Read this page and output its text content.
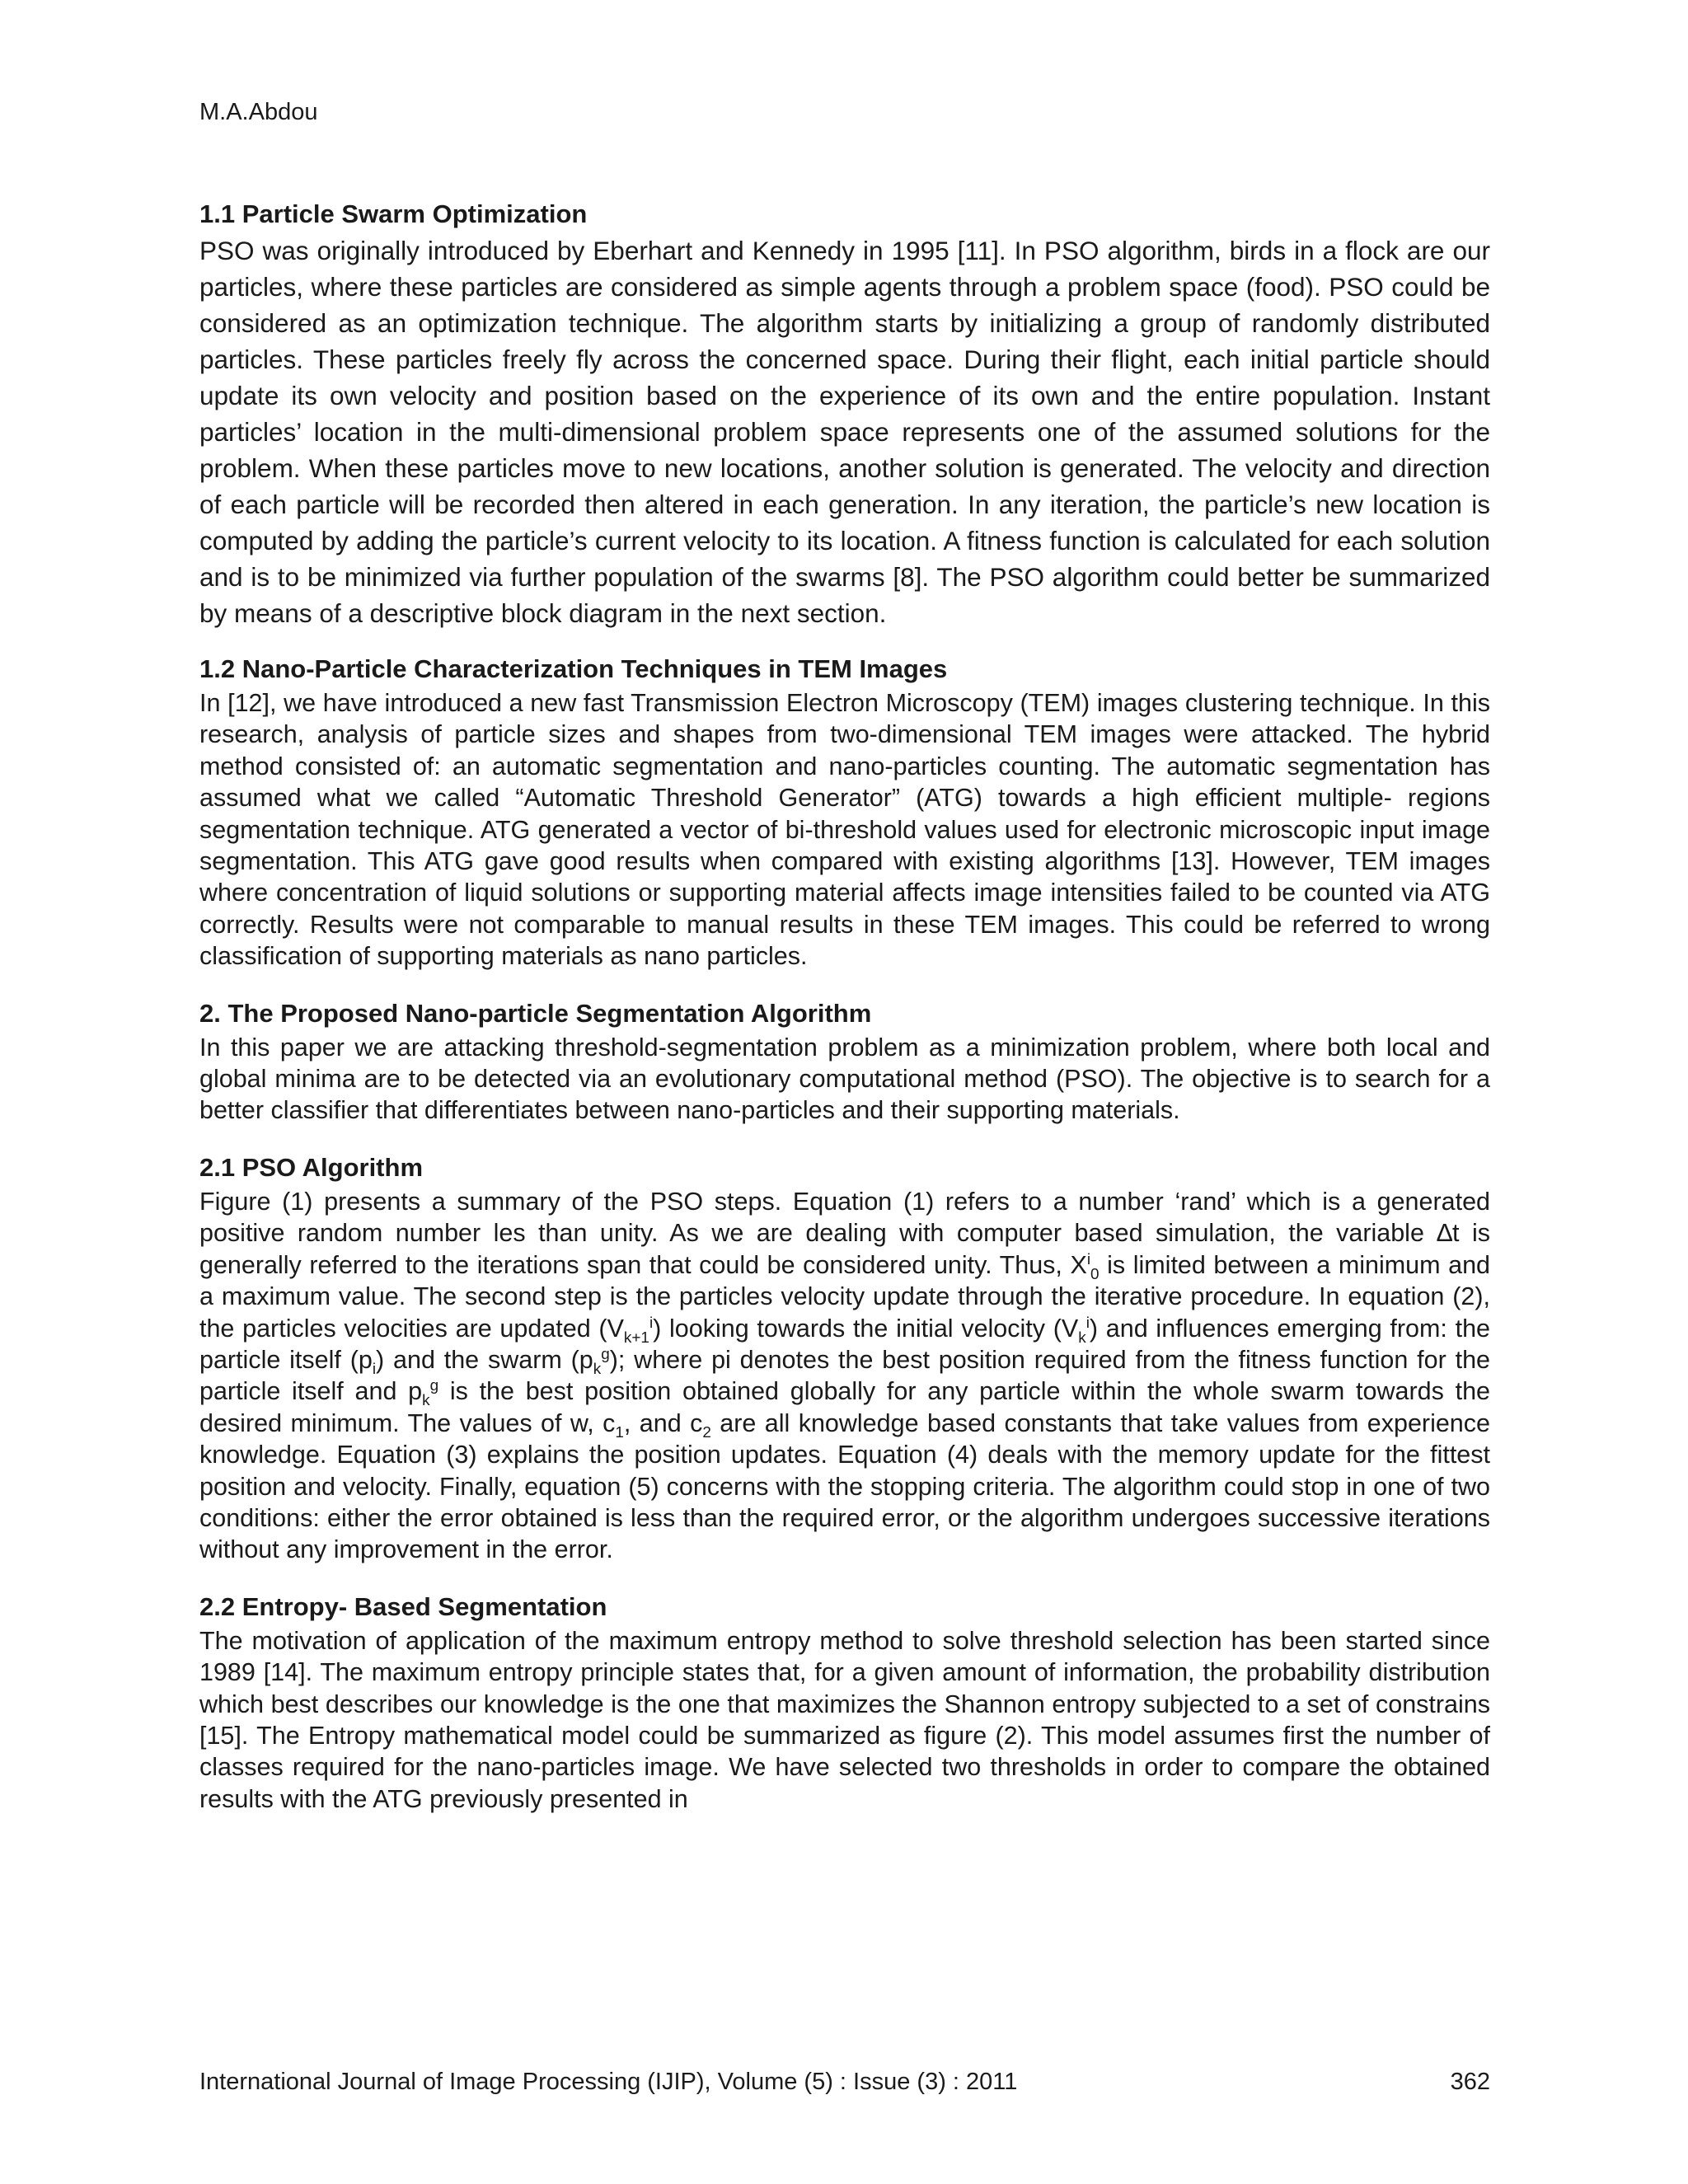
M.A.Abdou
1.1 Particle Swarm Optimization

PSO was originally introduced by Eberhart and Kennedy in 1995 [11]. In PSO algorithm, birds in a flock are our particles, where these particles are considered as simple agents through a problem space (food). PSO could be considered as an optimization technique. The algorithm starts by initializing a group of randomly distributed particles. These particles freely fly across the concerned space. During their flight, each initial particle should update its own velocity and position based on the experience of its own and the entire population. Instant particles’ location in the multi-dimensional problem space represents one of the assumed solutions for the problem. When these particles move to new locations, another solution is generated. The velocity and direction of each particle will be recorded then altered in each generation. In any iteration, the particle’s new location is computed by adding the particle’s current velocity to its location. A fitness function is calculated for each solution and is to be minimized via further population of the swarms [8]. The PSO algorithm could better be summarized by means of a descriptive block diagram in the next section.

1.2 Nano-Particle Characterization Techniques in TEM Images

In [12], we have introduced a new fast Transmission Electron Microscopy (TEM) images clustering technique. In this research, analysis of particle sizes and shapes from two-dimensional TEM images were attacked. The hybrid method consisted of: an automatic segmentation and nano-particles counting. The automatic segmentation has assumed what we called “Automatic Threshold Generator” (ATG) towards a high efficient multiple- regions segmentation technique. ATG generated a vector of bi-threshold values used for electronic microscopic input image segmentation. This ATG gave good results when compared with existing algorithms [13]. However, TEM images where concentration of liquid solutions or supporting material affects image intensities failed to be counted via ATG correctly. Results were not comparable to manual results in these TEM images. This could be referred to wrong classification of supporting materials as nano particles.

2. The Proposed Nano-particle Segmentation Algorithm

In this paper we are attacking threshold-segmentation problem as a minimization problem, where both local and global minima are to be detected via an evolutionary computational method (PSO). The objective is to search for a better classifier that differentiates between nano-particles and their supporting materials.

2.1 PSO Algorithm

Figure (1) presents a summary of the PSO steps. Equation (1) refers to a number ‘rand’ which is a generated positive random number les than unity. As we are dealing with computer based simulation, the variable ∆t is generally referred to the iterations span that could be considered unity. Thus, $X^i_0$ is limited between a minimum and a maximum value. The second step is the particles velocity update through the iterative procedure. In equation (2), the particles velocities are updated $(V_{k+1}^i)$ looking towards the initial velocity $(V_k^i)$ and influences emerging from: the particle itself $(p_i)$ and the swarm $(p_k^g)$; where pi denotes the best position required from the fitness function for the particle itself and $p_k^g$ is the best position obtained globally for any particle within the whole swarm towards the desired minimum. The values of w, $c_1$, and $c_2$ are all knowledge based constants that take values from experience knowledge. Equation (3) explains the position updates. Equation (4) deals with the memory update for the fittest position and velocity. Finally, equation (5) concerns with the stopping criteria. The algorithm could stop in one of two conditions: either the error obtained is less than the required error, or the algorithm undergoes successive iterations without any improvement in the error.

2.2 Entropy- Based Segmentation

The motivation of application of the maximum entropy method to solve threshold selection has been started since 1989 [14]. The maximum entropy principle states that, for a given amount of information, the probability distribution which best describes our knowledge is the one that maximizes the Shannon entropy subjected to a set of constrains [15]. The Entropy mathematical model could be summarized as figure (2). This model assumes first the number of classes required for the nano-particles image. We have selected two thresholds in order to compare the obtained results with the ATG previously presented in

International Journal of Image Processing (IJIP), Volume (5) : Issue (3) : 2011	362
